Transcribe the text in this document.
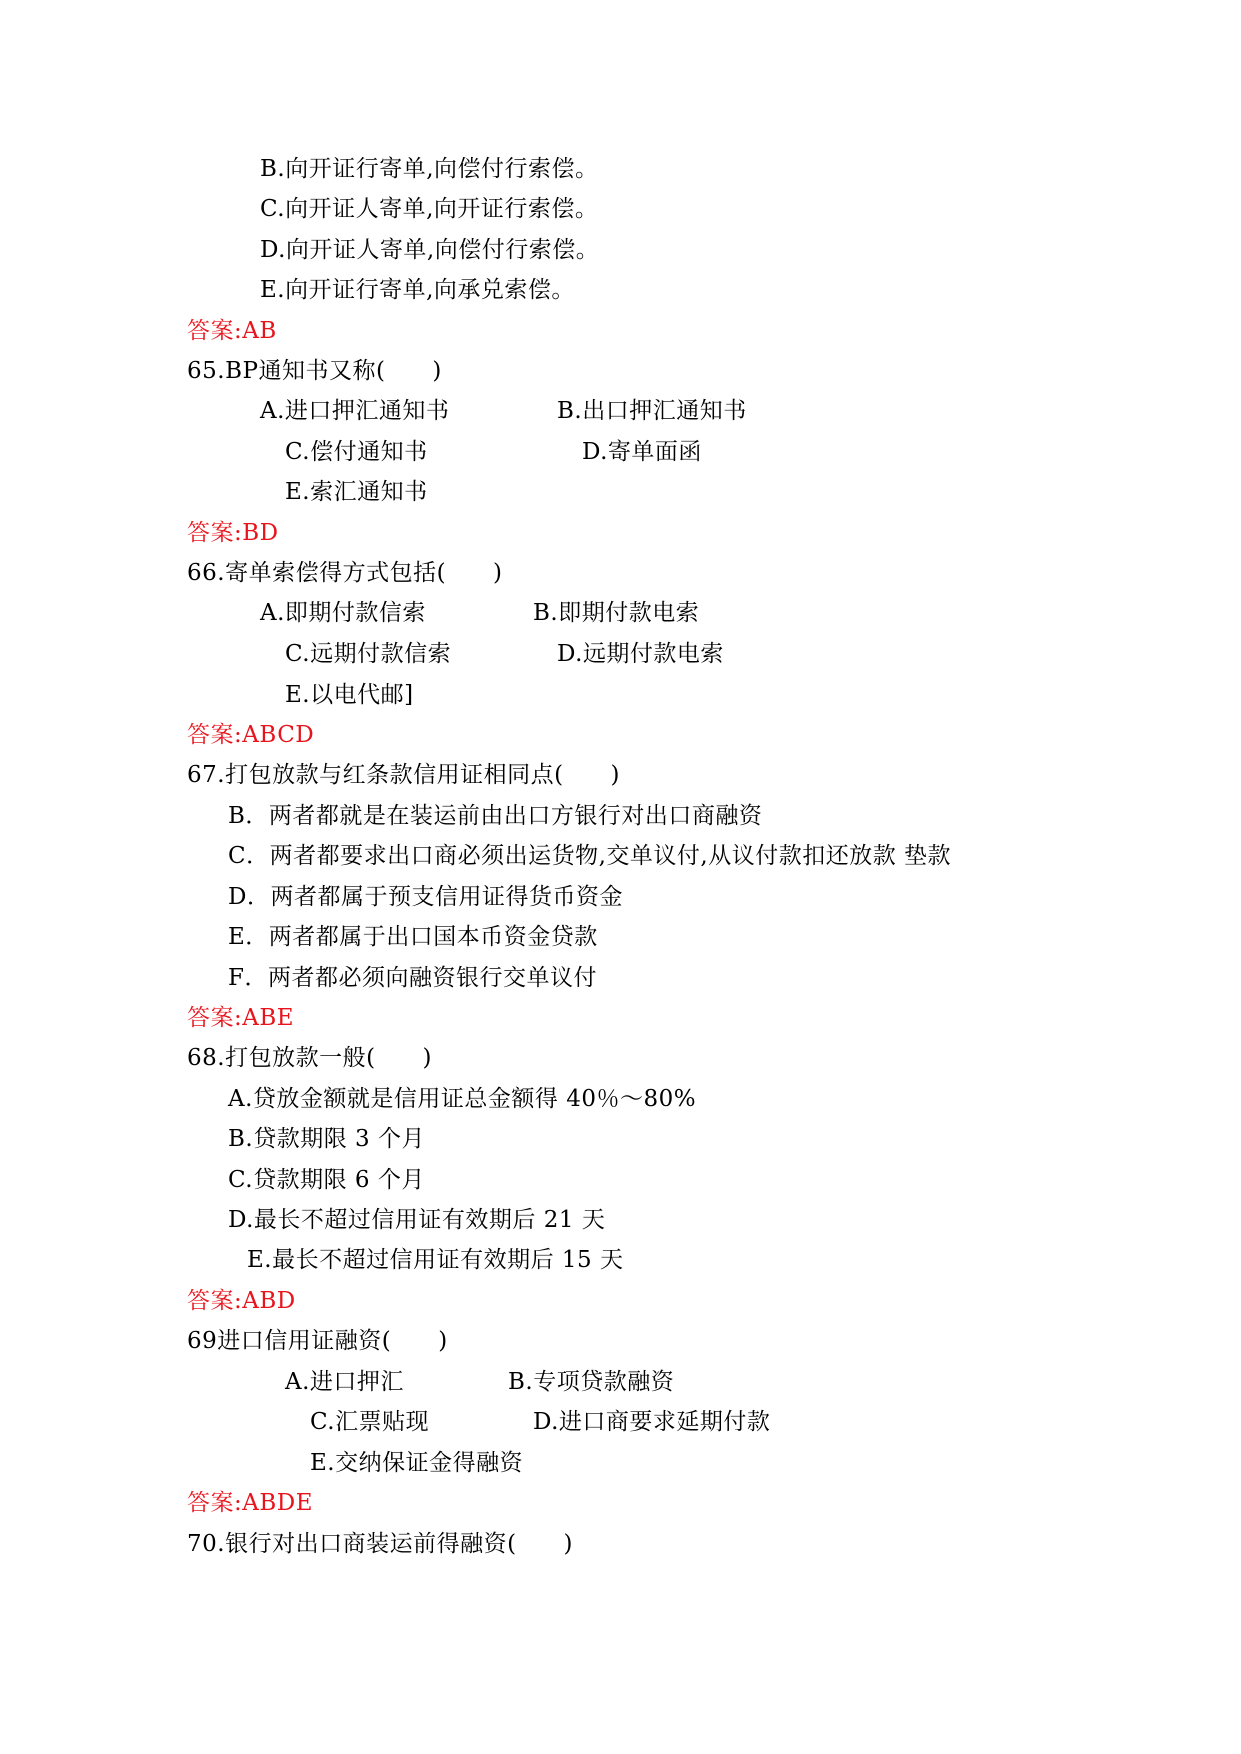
B.向开证行寄单,向偿付行索偿。
C.向开证人寄单,向开证行索偿。
D.向开证人寄单,向偿付行索偿。
E.向开证行寄单,向承兑索偿。
答案:AB
65.BP通知书又称(　　)
A.进口押汇通知书	B.出口押汇通知书
C.偿付通知书	D.寄单面函
E.索汇通知书
答案:BD
66.寄单索偿得方式包括(　　)
A.即期付款信索	B.即期付款电索
C.远期付款信索	D.远期付款电索
E.以电代邮]
答案:ABCD
67.打包放款与红条款信用证相同点(　　)
B．两者都就是在装运前由出口方银行对出口商融资
C．两者都要求出口商必须出运货物,交单议付,从议付款扣还放款 垫款
D．两者都属于预支信用证得货币资金
E．两者都属于出口国本币资金贷款
F．两者都必须向融资银行交单议付
答案:ABE
68.打包放款一般(　　)
A.贷放金额就是信用证总金额得 40％～80%
B.贷款期限 3 个月
C.贷款期限 6 个月
D.最长不超过信用证有效期后 21 天
E.最长不超过信用证有效期后 15 天
答案:ABD
69进口信用证融资(　　)
A.进口押汇	B.专项贷款融资
C.汇票贴现	D.进口商要求延期付款
E.交纳保证金得融资
答案:ABDE
70.银行对出口商装运前得融资(　　)
